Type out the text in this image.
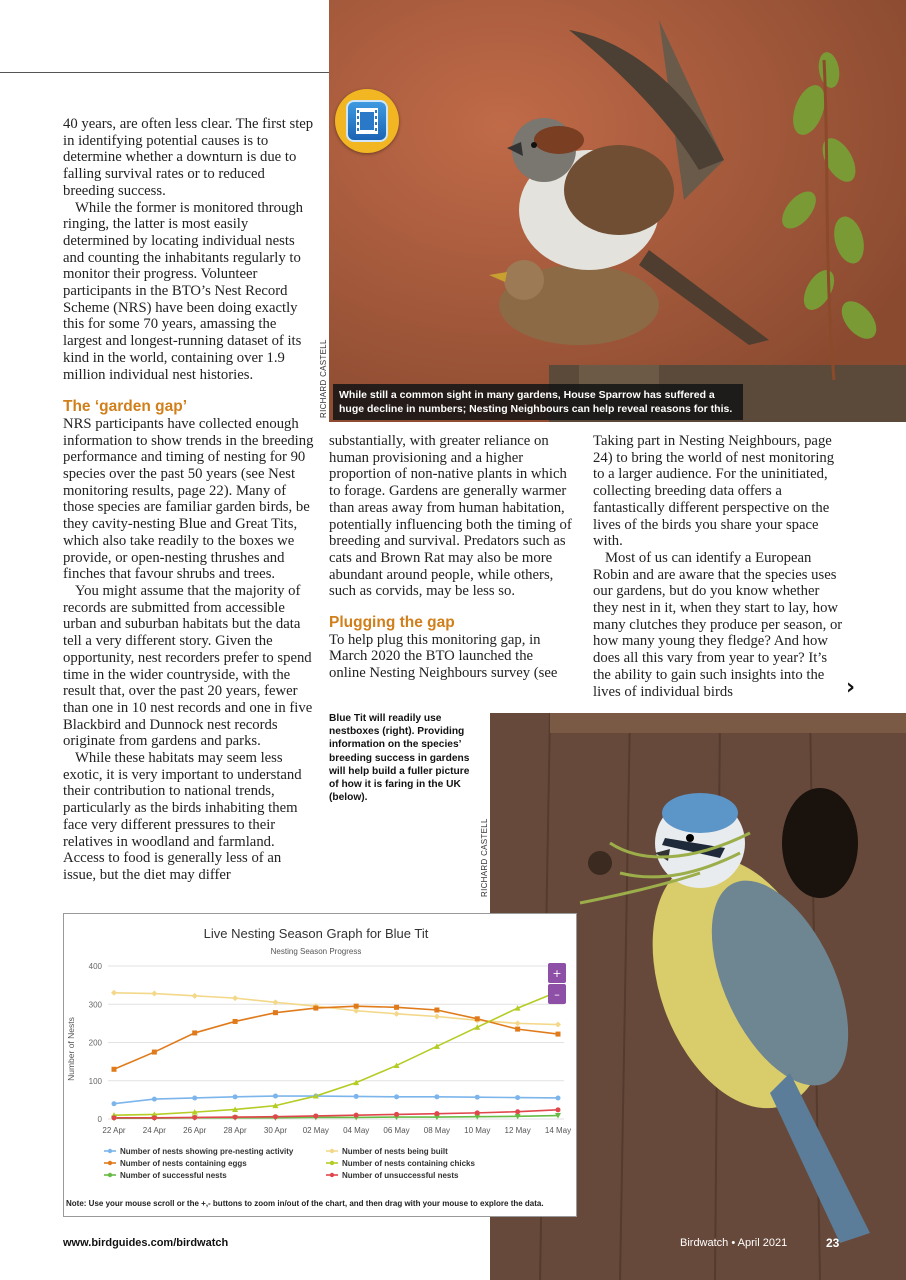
While still a common sight in many gardens, House Sparrow has suffered a huge decline in numbers; Nesting Neighbours can help reveal reasons for this.
RICHARD CASTELL
RICHARD CASTELL

40 years, are often less clear. The first step in identifying potential causes is to determine whether a downturn is due to falling survival rates or to reduced breeding success.

While the former is monitored through ringing, the latter is most easily determined by locating individual nests and counting the inhabitants regularly to monitor their progress. Volunteer participants in the BTO’s Nest Record Scheme (NRS) have been doing exactly this for some 70 years, amassing the largest and longest-running dataset of its kind in the world, containing over 1.9 million individual nest histories.

The ‘garden gap’

NRS participants have collected enough information to show trends in the breeding performance and timing of nesting for 90 species over the past 50 years (see Nest monitoring results, page 22). Many of those species are familiar garden birds, be they cavity-nesting Blue and Great Tits, which also take readily to the boxes we provide, or open-nesting thrushes and finches that favour shrubs and trees.

You might assume that the majority of records are submitted from accessible urban and suburban habitats but the data tell a very different story. Given the opportunity, nest recorders prefer to spend time in the wider countryside, with the result that, over the past 20 years, fewer than one in 10 nest records and one in five Blackbird and Dunnock nest records originate from gardens and parks.

While these habitats may seem less exotic, it is very important to understand their contribution to national trends, particularly as the birds inhabiting them face very different pressures to their relatives in woodland and farmland. Access to food is generally less of an issue, but the diet may differ

substantially, with greater reliance on human provisioning and a higher proportion of non-native plants in which to forage. Gardens are generally warmer than areas away from human habitation, potentially influencing both the timing of breeding and survival. Predators such as cats and Brown Rat may also be more abundant around people, while others, such as corvids, may be less so.

Plugging the gap

To help plug this monitoring gap, in March 2020 the BTO launched the online Nesting Neighbours survey (see

Taking part in Nesting Neighbours, page 24) to bring the world of nest monitoring to a larger audience. For the uninitiated, collecting breeding data offers a fantastically different perspective on the lives of the birds you share your space with.

Most of us can identify a European Robin and are aware that the species uses our gardens, but do you know whether they nest in it, when they start to lay, how many clutches they produce per season, or how many young they fledge? And how does all this vary from year to year? It’s the ability to gain such insights into the lives of individual birds	›
Blue Tit will readily use nestboxes (right). Providing information on the species’ breeding success in gardens will help build a fuller picture of how it is faring in the UK (below).
Live Nesting Season Graph for Blue Tit
Nesting Season Progress
Number of Nests
22 Apr 24 Apr 26 Apr 28 Apr 30 Apr 02 May 04 May 06 May 08 May 10 May 12 May 14 May
0
100
200
300
400
+
–
Number of nests showing pre-nesting activity
Number of nests containing eggs
Number of successful nests
Number of nests being built
Number of nests containing chicks
Number of unsuccessful nests
Note: Use your mouse scroll or the +,- buttons to zoom in/out of the chart, and then drag with your mouse to explore the data.
www.birdguides.com/birdwatch	Birdwatch • April 2021	23
